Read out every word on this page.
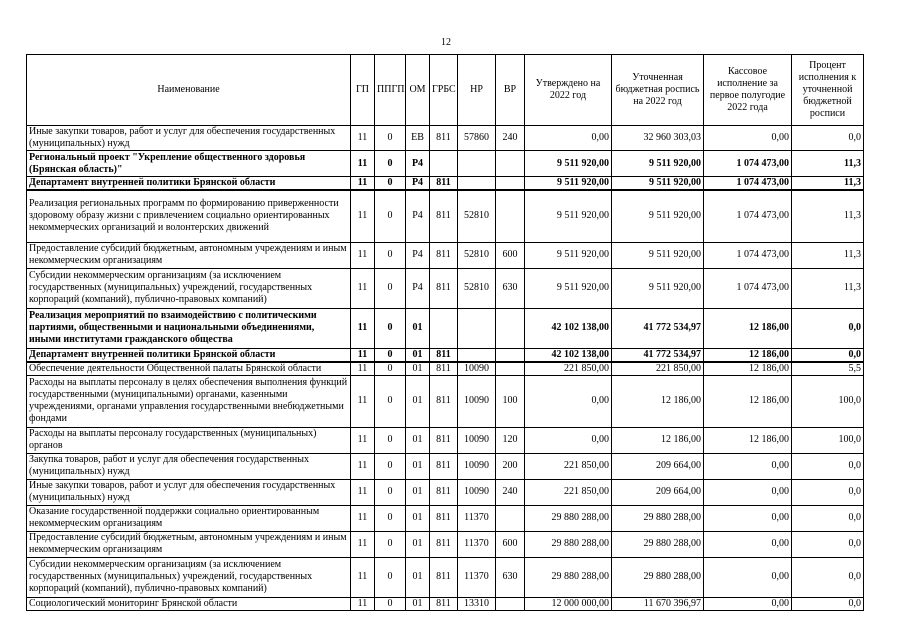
12
Наименование	ГП	ППГП	ОМ	ГРБС	НР	ВР	Утверждено на 2022 год	Уточненная бюджетная роспись на 2022 год	Кассовое исполнение за первое полугодие 2022 года	Процент исполнения к уточненной бюджетной росписи
Иные закупки товаров, работ и услуг для обеспечения государственных (муниципальных) нужд	11	0	ЕВ	811	57860	240	0,00	32 960 303,03	0,00	0,0
Региональный проект "Укрепление общественного здоровья (Брянская область)"	11	0	Р4				9 511 920,00	9 511 920,00	1 074 473,00	11,3
Департамент внутренней политики Брянской области	11	0	Р4	811			9 511 920,00	9 511 920,00	1 074 473,00	11,3
Реализация региональных программ по формированию приверженности здоровому образу жизни с привлечением социально ориентированных некоммерческих организаций и волонтерских движений	11	0	Р4	811	52810		9 511 920,00	9 511 920,00	1 074 473,00	11,3
Предоставление субсидий бюджетным, автономным учреждениям и иным некоммерческим организациям	11	0	Р4	811	52810	600	9 511 920,00	9 511 920,00	1 074 473,00	11,3
Субсидии некоммерческим организациям (за исключением государственных (муниципальных) учреждений, государственных корпораций (компаний), публично-правовых компаний)	11	0	Р4	811	52810	630	9 511 920,00	9 511 920,00	1 074 473,00	11,3
Реализация мероприятий по взаимодействию с политическими партиями, общественными и национальными объединениями, иными институтами гражданского общества	11	0	01				42 102 138,00	41 772 534,97	12 186,00	0,0
Департамент внутренней политики Брянской области	11	0	01	811			42 102 138,00	41 772 534,97	12 186,00	0,0
Обеспечение деятельности Общественной палаты Брянской области	11	0	01	811	10090		221 850,00	221 850,00	12 186,00	5,5
Расходы на выплаты персоналу в целях обеспечения выполнения функций государственными (муниципальными) органами, казенными учреждениями, органами управления государственными внебюджетными фондами	11	0	01	811	10090	100	0,00	12 186,00	12 186,00	100,0
Расходы на выплаты персоналу государственных (муниципальных) органов	11	0	01	811	10090	120	0,00	12 186,00	12 186,00	100,0
Закупка товаров, работ и услуг для обеспечения государственных (муниципальных) нужд	11	0	01	811	10090	200	221 850,00	209 664,00	0,00	0,0
Иные закупки товаров, работ и услуг для обеспечения государственных (муниципальных) нужд	11	0	01	811	10090	240	221 850,00	209 664,00	0,00	0,0
Оказание государственной поддержки социально ориентированным некоммерческим организациям	11	0	01	811	11370		29 880 288,00	29 880 288,00	0,00	0,0
Предоставление субсидий бюджетным, автономным учреждениям и иным некоммерческим организациям	11	0	01	811	11370	600	29 880 288,00	29 880 288,00	0,00	0,0
Субсидии некоммерческим организациям (за исключением государственных (муниципальных) учреждений, государственных корпораций (компаний), публично-правовых компаний)	11	0	01	811	11370	630	29 880 288,00	29 880 288,00	0,00	0,0
Социологический мониторинг Брянской области	11	0	01	811	13310		12 000 000,00	11 670 396,97	0,00	0,0
